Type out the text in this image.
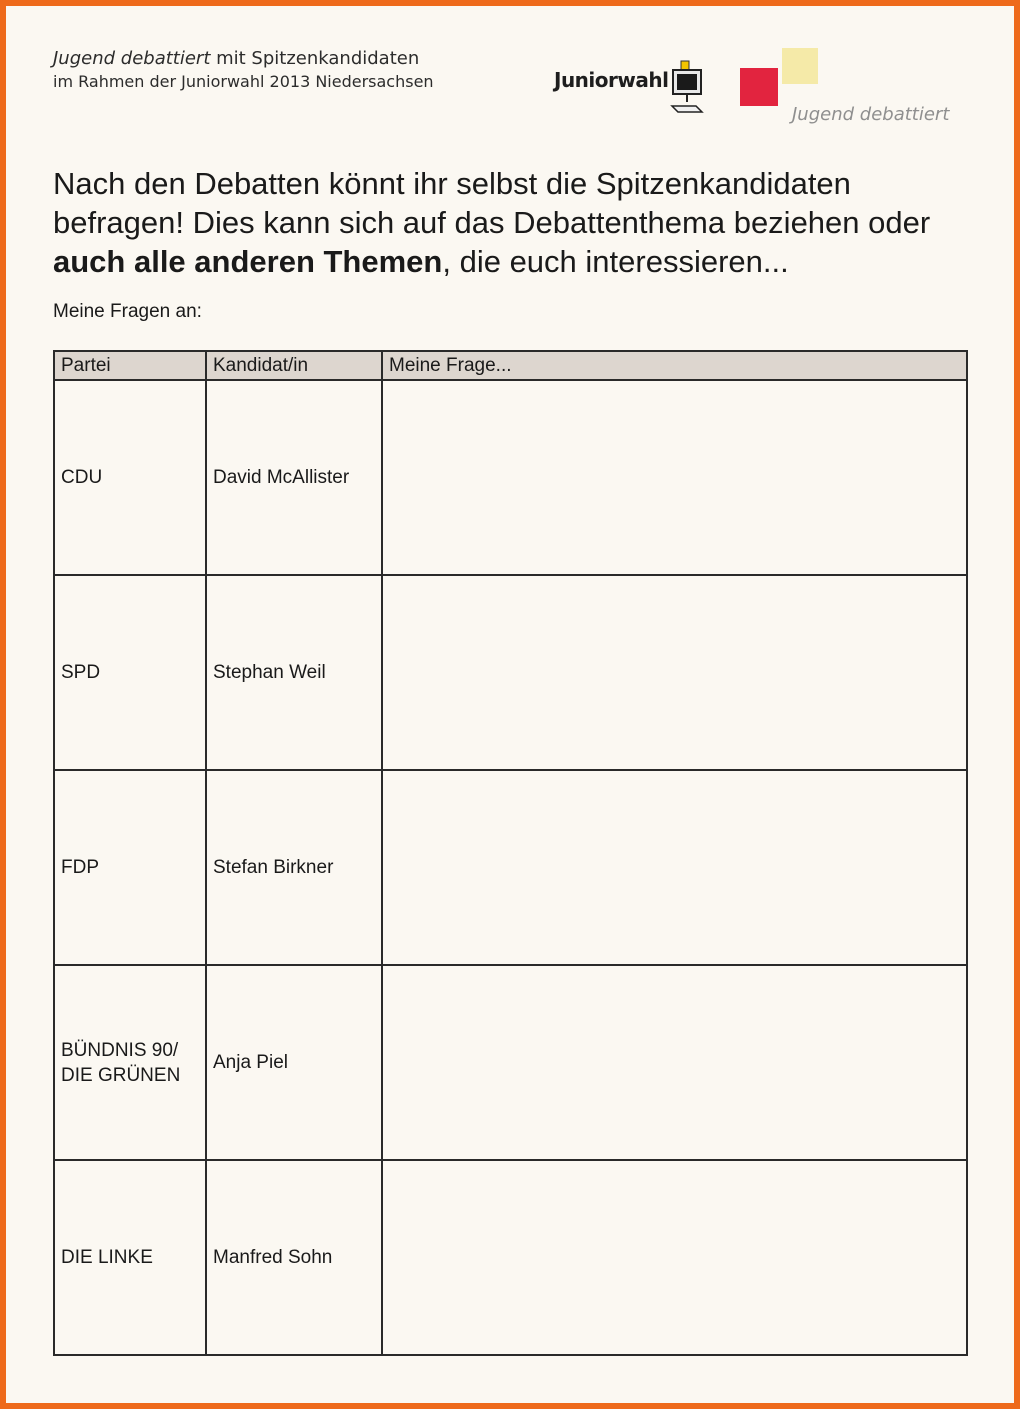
Jugend debattiert mit Spitzenkandidaten
im Rahmen der Juniorwahl 2013 Niedersachsen	Juniorwahl
Jugend debattiert
Nach den Debatten könnt ihr selbst die Spitzenkandidaten befragen! Dies kann sich auf das Debattenthema beziehen oder auch alle anderen Themen, die euch interessieren...
Meine Fragen an:
Partei	Kandidat/in	Meine Frage...
CDU	David McAllister	
SPD	Stephan Weil	
FDP	Stefan Birkner	
BÜNDNIS 90/ DIE GRÜNEN	Anja Piel	
DIE LINKE	Manfred Sohn	
